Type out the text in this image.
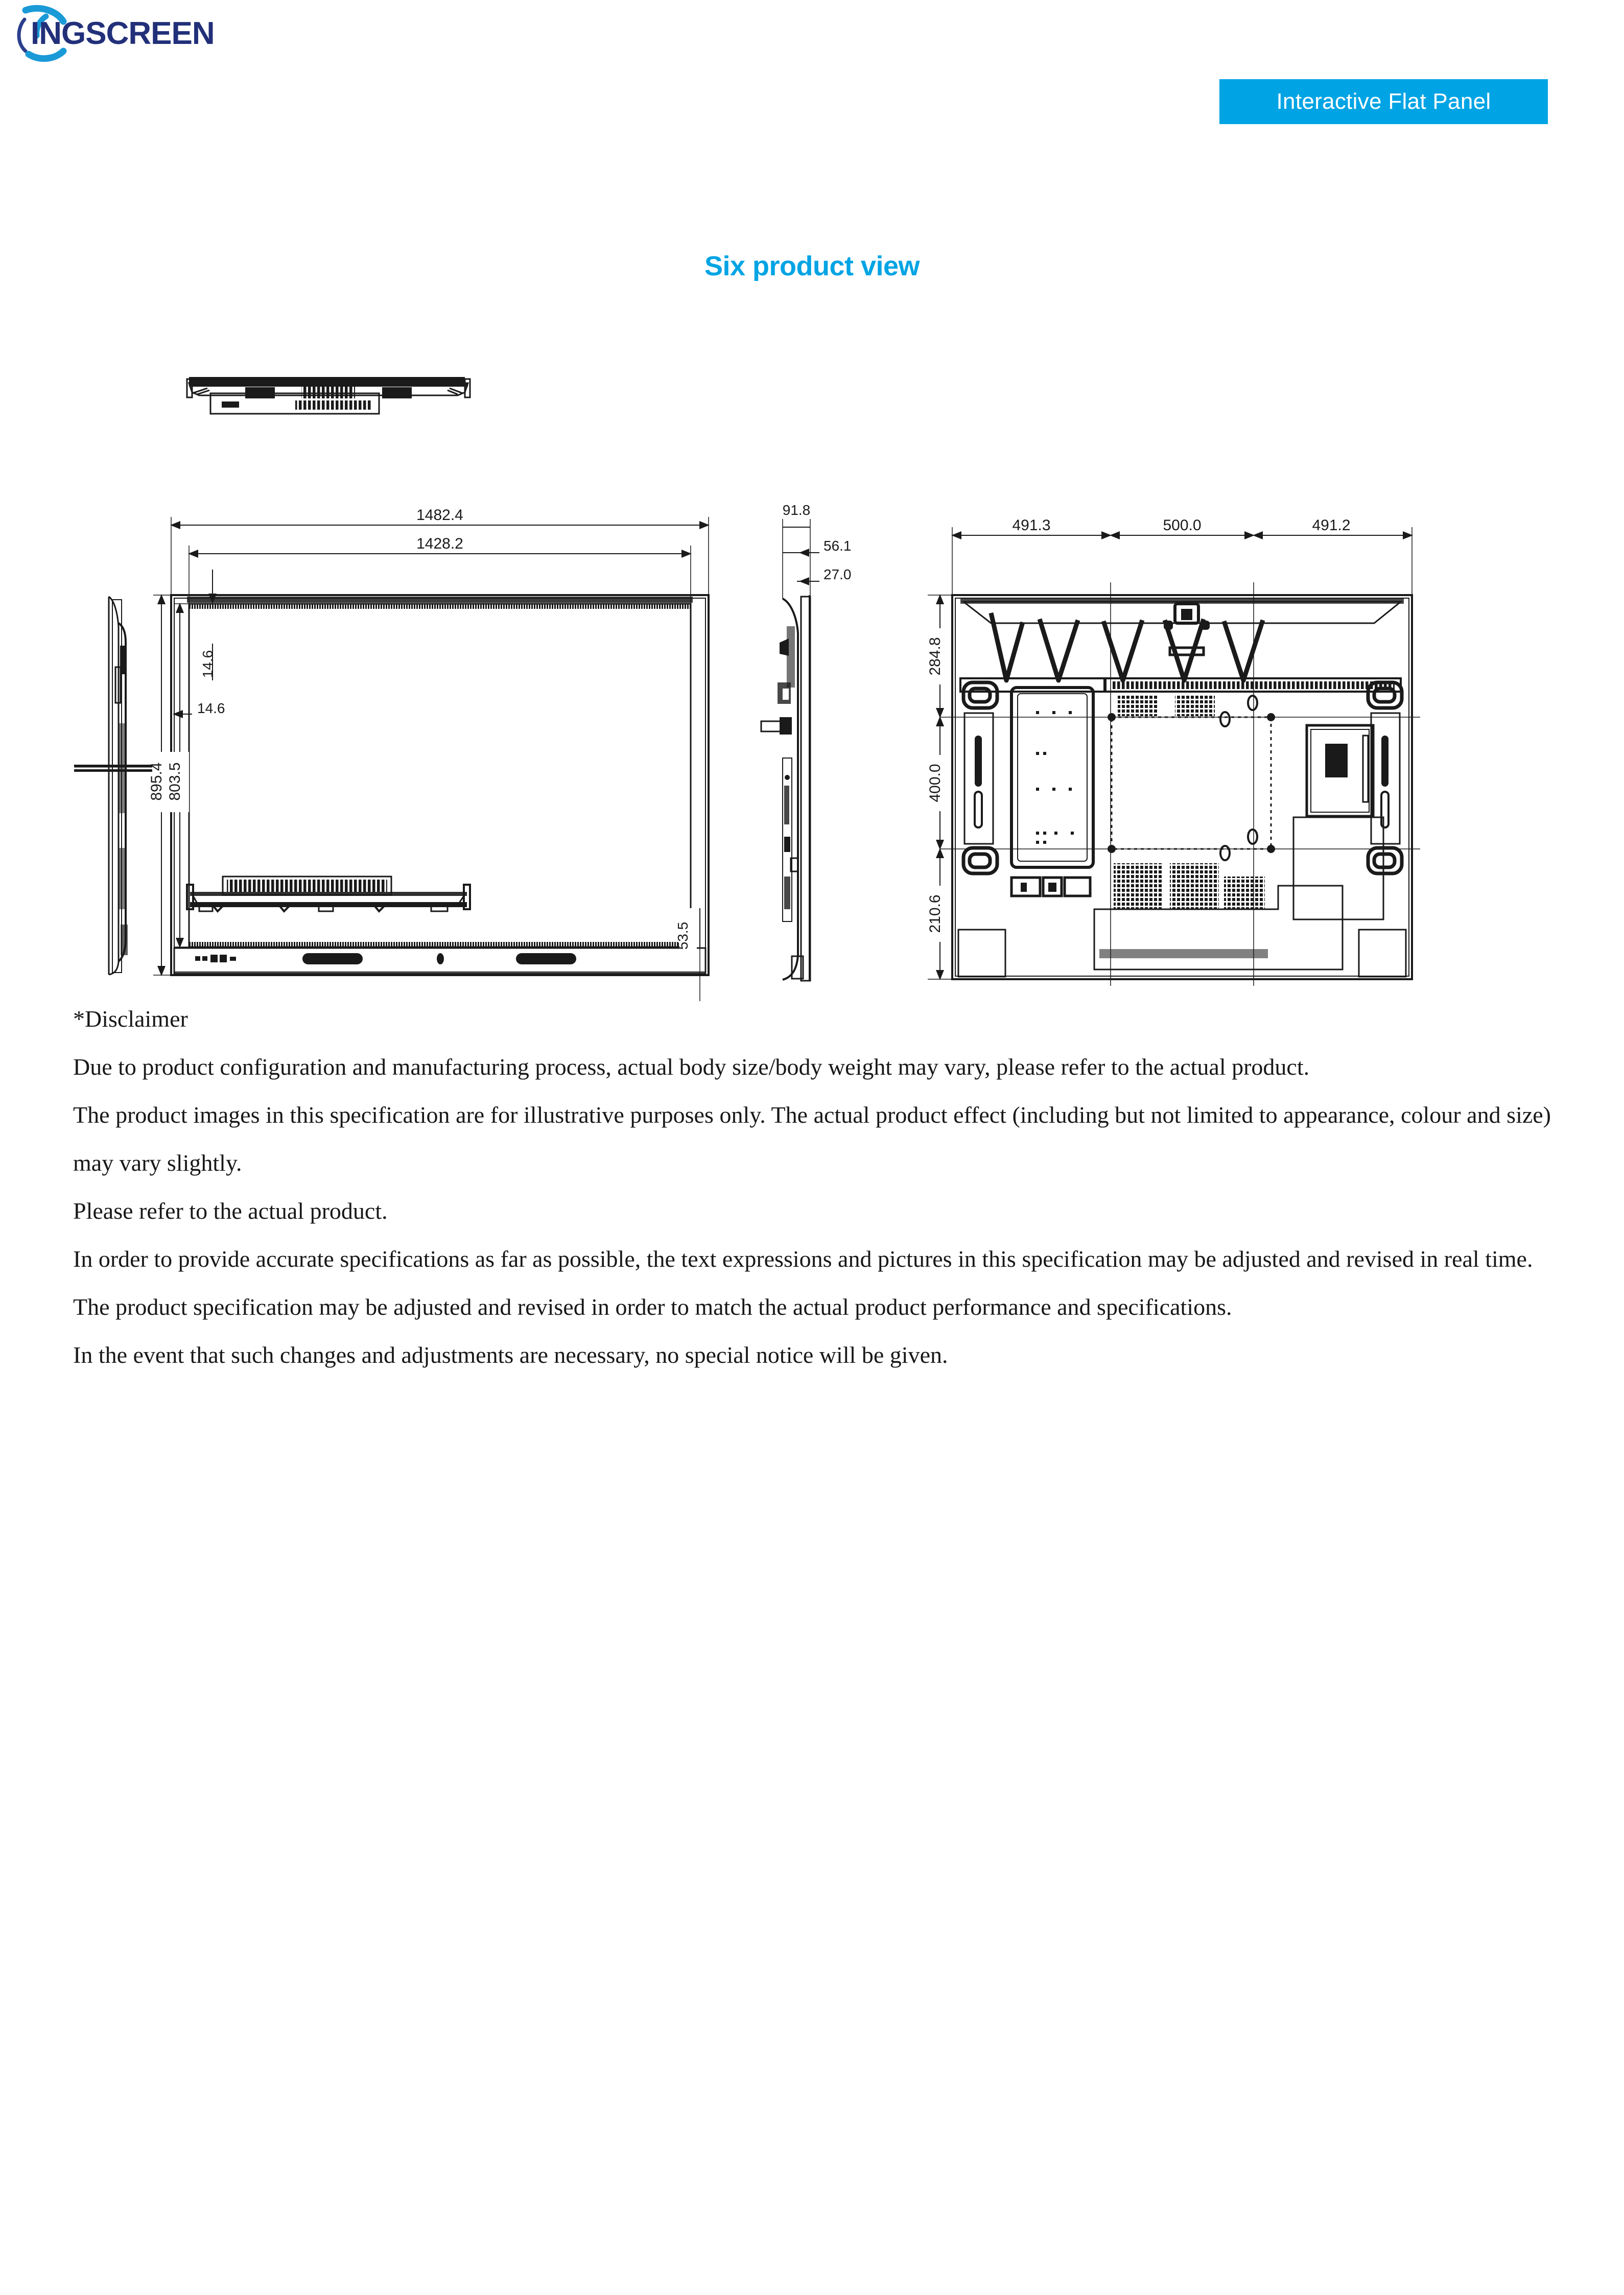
INGSCREEN
Interactive Flat Panel
Six product view
1482.4
1428.2
14.6
14.6
895.4 803.5
53.5
91.8
56.1
27.0
491.3	500.0	491.2
284.8
400.0
210.6

*Disclaimer

Due to product configuration and manufacturing process, actual body size/body weight may vary, please refer to the actual product.

The product images in this specification are for illustrative purposes only. The actual product effect (including but not limited to appearance, colour and size) may vary slightly.

Please refer to the actual product.

In order to provide accurate specifications as far as possible, the text expressions and pictures in this specification may be adjusted and revised in real time.

The product specification may be adjusted and revised in order to match the actual product performance and specifications.

In the event that such changes and adjustments are necessary, no special notice will be given.
